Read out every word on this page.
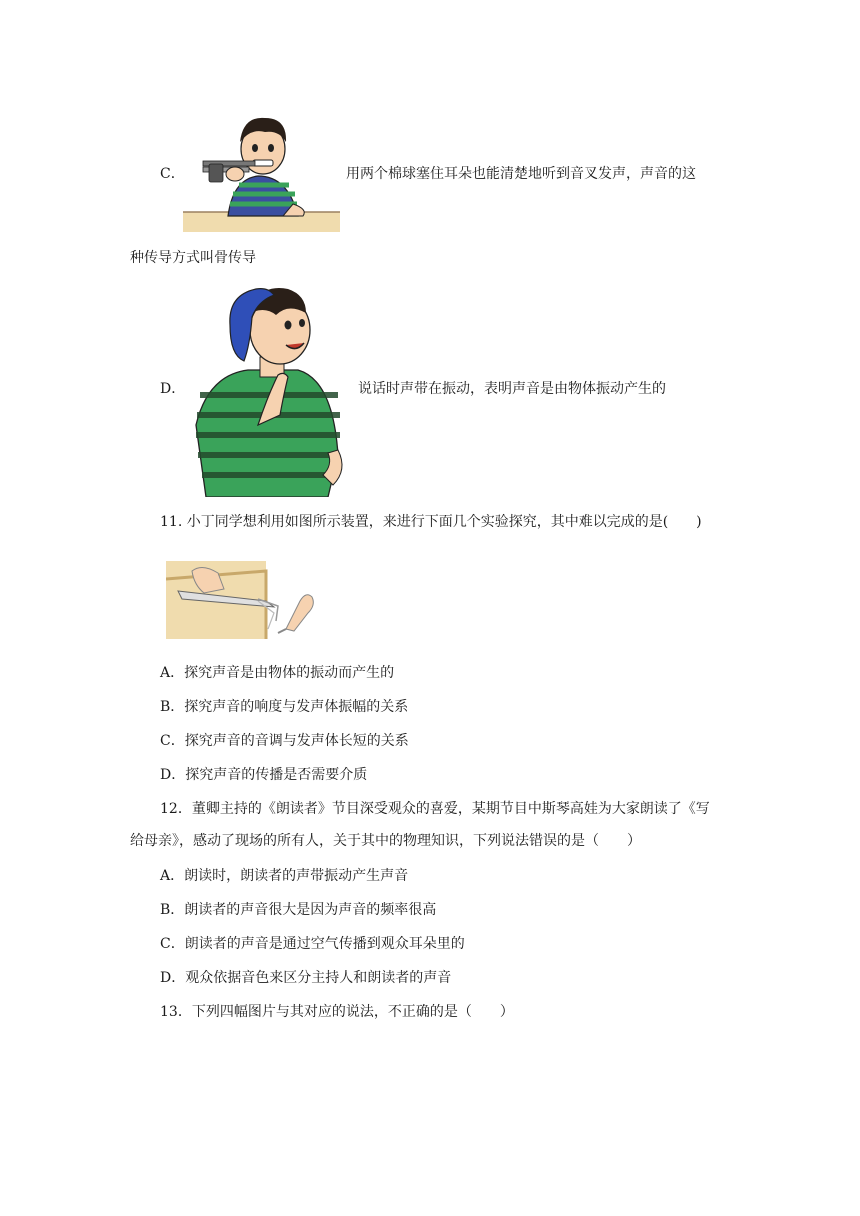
C．	用两个棉球塞住耳朵也能清楚地听到音叉发声，声音的这
种传导方式叫骨传导
D．	说话时声带在振动，表明声音是由物体振动产生的
11. 小丁同学想利用如图所示装置，来进行下面几个实验探究，其中难以完成的是(　　)
A．探究声音是由物体的振动而产生的
B．探究声音的响度与发声体振幅的关系
C．探究声音的音调与发声体长短的关系
D．探究声音的传播是否需要介质
12．董卿主持的《朗读者》节目深受观众的喜爱，某期节目中斯琴高娃为大家朗读了《写
给母亲》，感动了现场的所有人，关于其中的物理知识，下列说法错误的是（　　）
A．朗读时，朗读者的声带振动产生声音
B．朗读者的声音很大是因为声音的频率很高
C．朗读者的声音是通过空气传播到观众耳朵里的
D．观众依据音色来区分主持人和朗读者的声音
13．下列四幅图片与其对应的说法，不正确的是（　　）
